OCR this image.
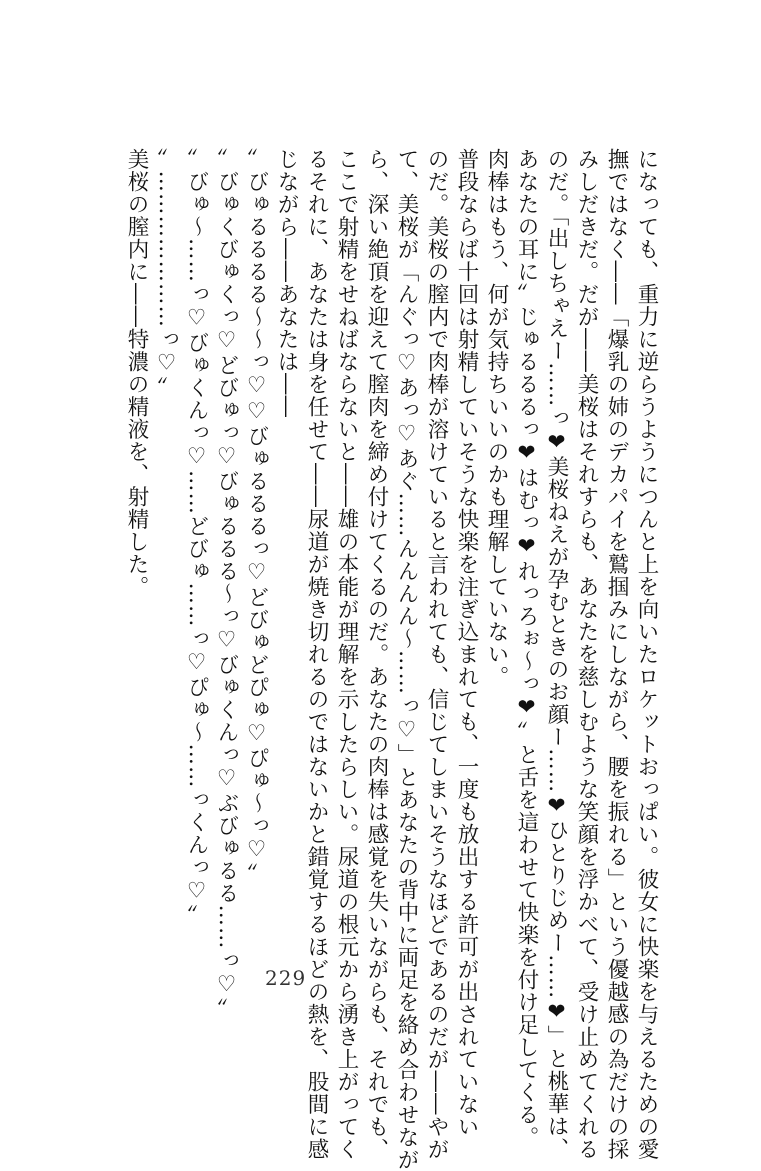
になっても、重力に逆らうようにつんと上を向いたロケットおっぱい。彼女に快楽を与えるための愛
撫ではなく――「爆乳の姉のデカパイを鷲掴みにしながら、腰を振れる」という優越感の為だけの採
みしだきだ。だが――美桜はそれすらも、あなたを慈しむような笑顔を浮かべて、受け止めてくれる
のだ。「出しちゃえー……っ❤美桜ねえが孕むときのお顔ー……❤ひとりじめー……❤」と桃華は、
あなたの耳に〞じゅるるるっ❤はむっ❤れっろぉ～っ❤〟と舌を這わせて快楽を付け足してくる。
肉棒はもう、何が気持ちいいのかも理解していない。
普段ならば十回は射精していそうな快楽を注ぎ込まれても、一度も放出する許可が出されていない
のだ。美桜の膣内で肉棒が溶けていると言われても、信じてしまいそうなほどであるのだが――やが
て、美桜が「んぐっ♡あっ♡あぐ……んんんん～……っ♡」とあなたの背中に両足を絡め合わせなが
ら、深い絶頂を迎えて膣肉を締め付けてくるのだ。あなたの肉棒は感覚を失いながらも、それでも、
ここで射精をせねばならないと――雄の本能が理解を示したらしい。尿道の根元から湧き上がってく
るそれに、あなたは身を任せて――尿道が焼き切れるのではないかと錯覚するほどの熱を、股間に感
じながら――あなたは――
〞びゅるるるる～～っ♡♡びゅるるるっ♡どびゅどぴゅ♡ぴゅ～っ♡〟
〞びゅくびゅくっ♡どびゅっ♡びゅるるる～っ♡びゅくんっ♡ぶびゅるる……っ♡〟
〞びゅ～……っ♡びゅくんっ♡……どびゅ……っ♡ぴゅ～……っくんっ♡〟
〞…………………っ♡〟
美桜の膣内に――特濃の精液を、射精した。
229
